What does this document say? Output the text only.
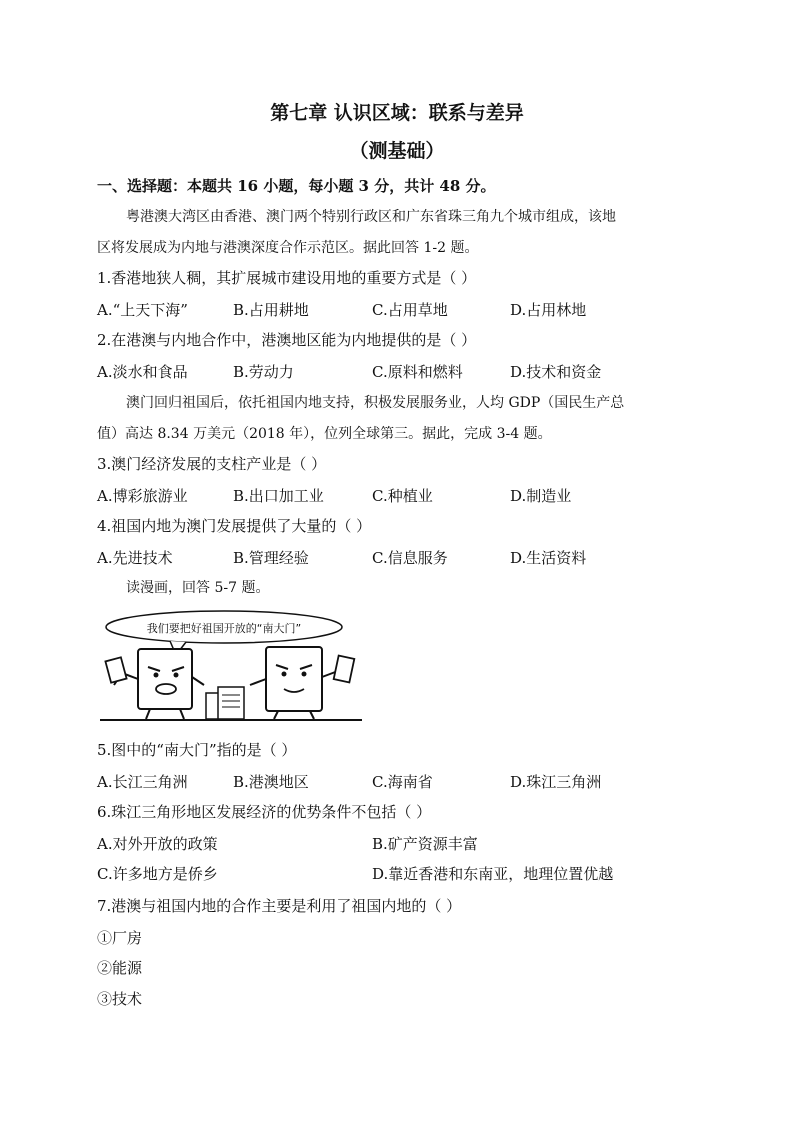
第七章 认识区域：联系与差异
（测基础）
一、选择题：本题共 16 小题，每小题 3 分，共计 48 分。
粤港澳大湾区由香港、澳门两个特别行政区和广东省珠三角九个城市组成，该地
区将发展成为内地与港澳深度合作示范区。据此回答 1-2 题。
1.香港地狭人稠，其扩展城市建设用地的重要方式是（ ）
A.“上天下海”	B.占用耕地	C.占用草地	D.占用林地
2.在港澳与内地合作中，港澳地区能为内地提供的是（ ）
A.淡水和食品	B.劳动力	C.原料和燃料	D.技术和资金
澳门回归祖国后，依托祖国内地支持，积极发展服务业，人均 GDP（国民生产总
值）高达 8.34 万美元（2018 年），位列全球第三。据此，完成 3-4 题。
3.澳门经济发展的支柱产业是（ ）
A.博彩旅游业	B.出口加工业	C.种植业	D.制造业
4.祖国内地为澳门发展提供了大量的（ ）
A.先进技术	B.管理经验	C.信息服务	D.生活资料
读漫画，回答 5-7 题。
我们要把好祖国开放的“南大门”
5.图中的“南大门”指的是（ ）
A.长江三角洲	B.港澳地区	C.海南省	D.珠江三角洲
6.珠江三角形地区发展经济的优势条件不包括（ ）
A.对外开放的政策	B.矿产资源丰富
C.许多地方是侨乡	D.靠近香港和东南亚，地理位置优越
7.港澳与祖国内地的合作主要是利用了祖国内地的（ ）
①厂房
②能源
③技术
